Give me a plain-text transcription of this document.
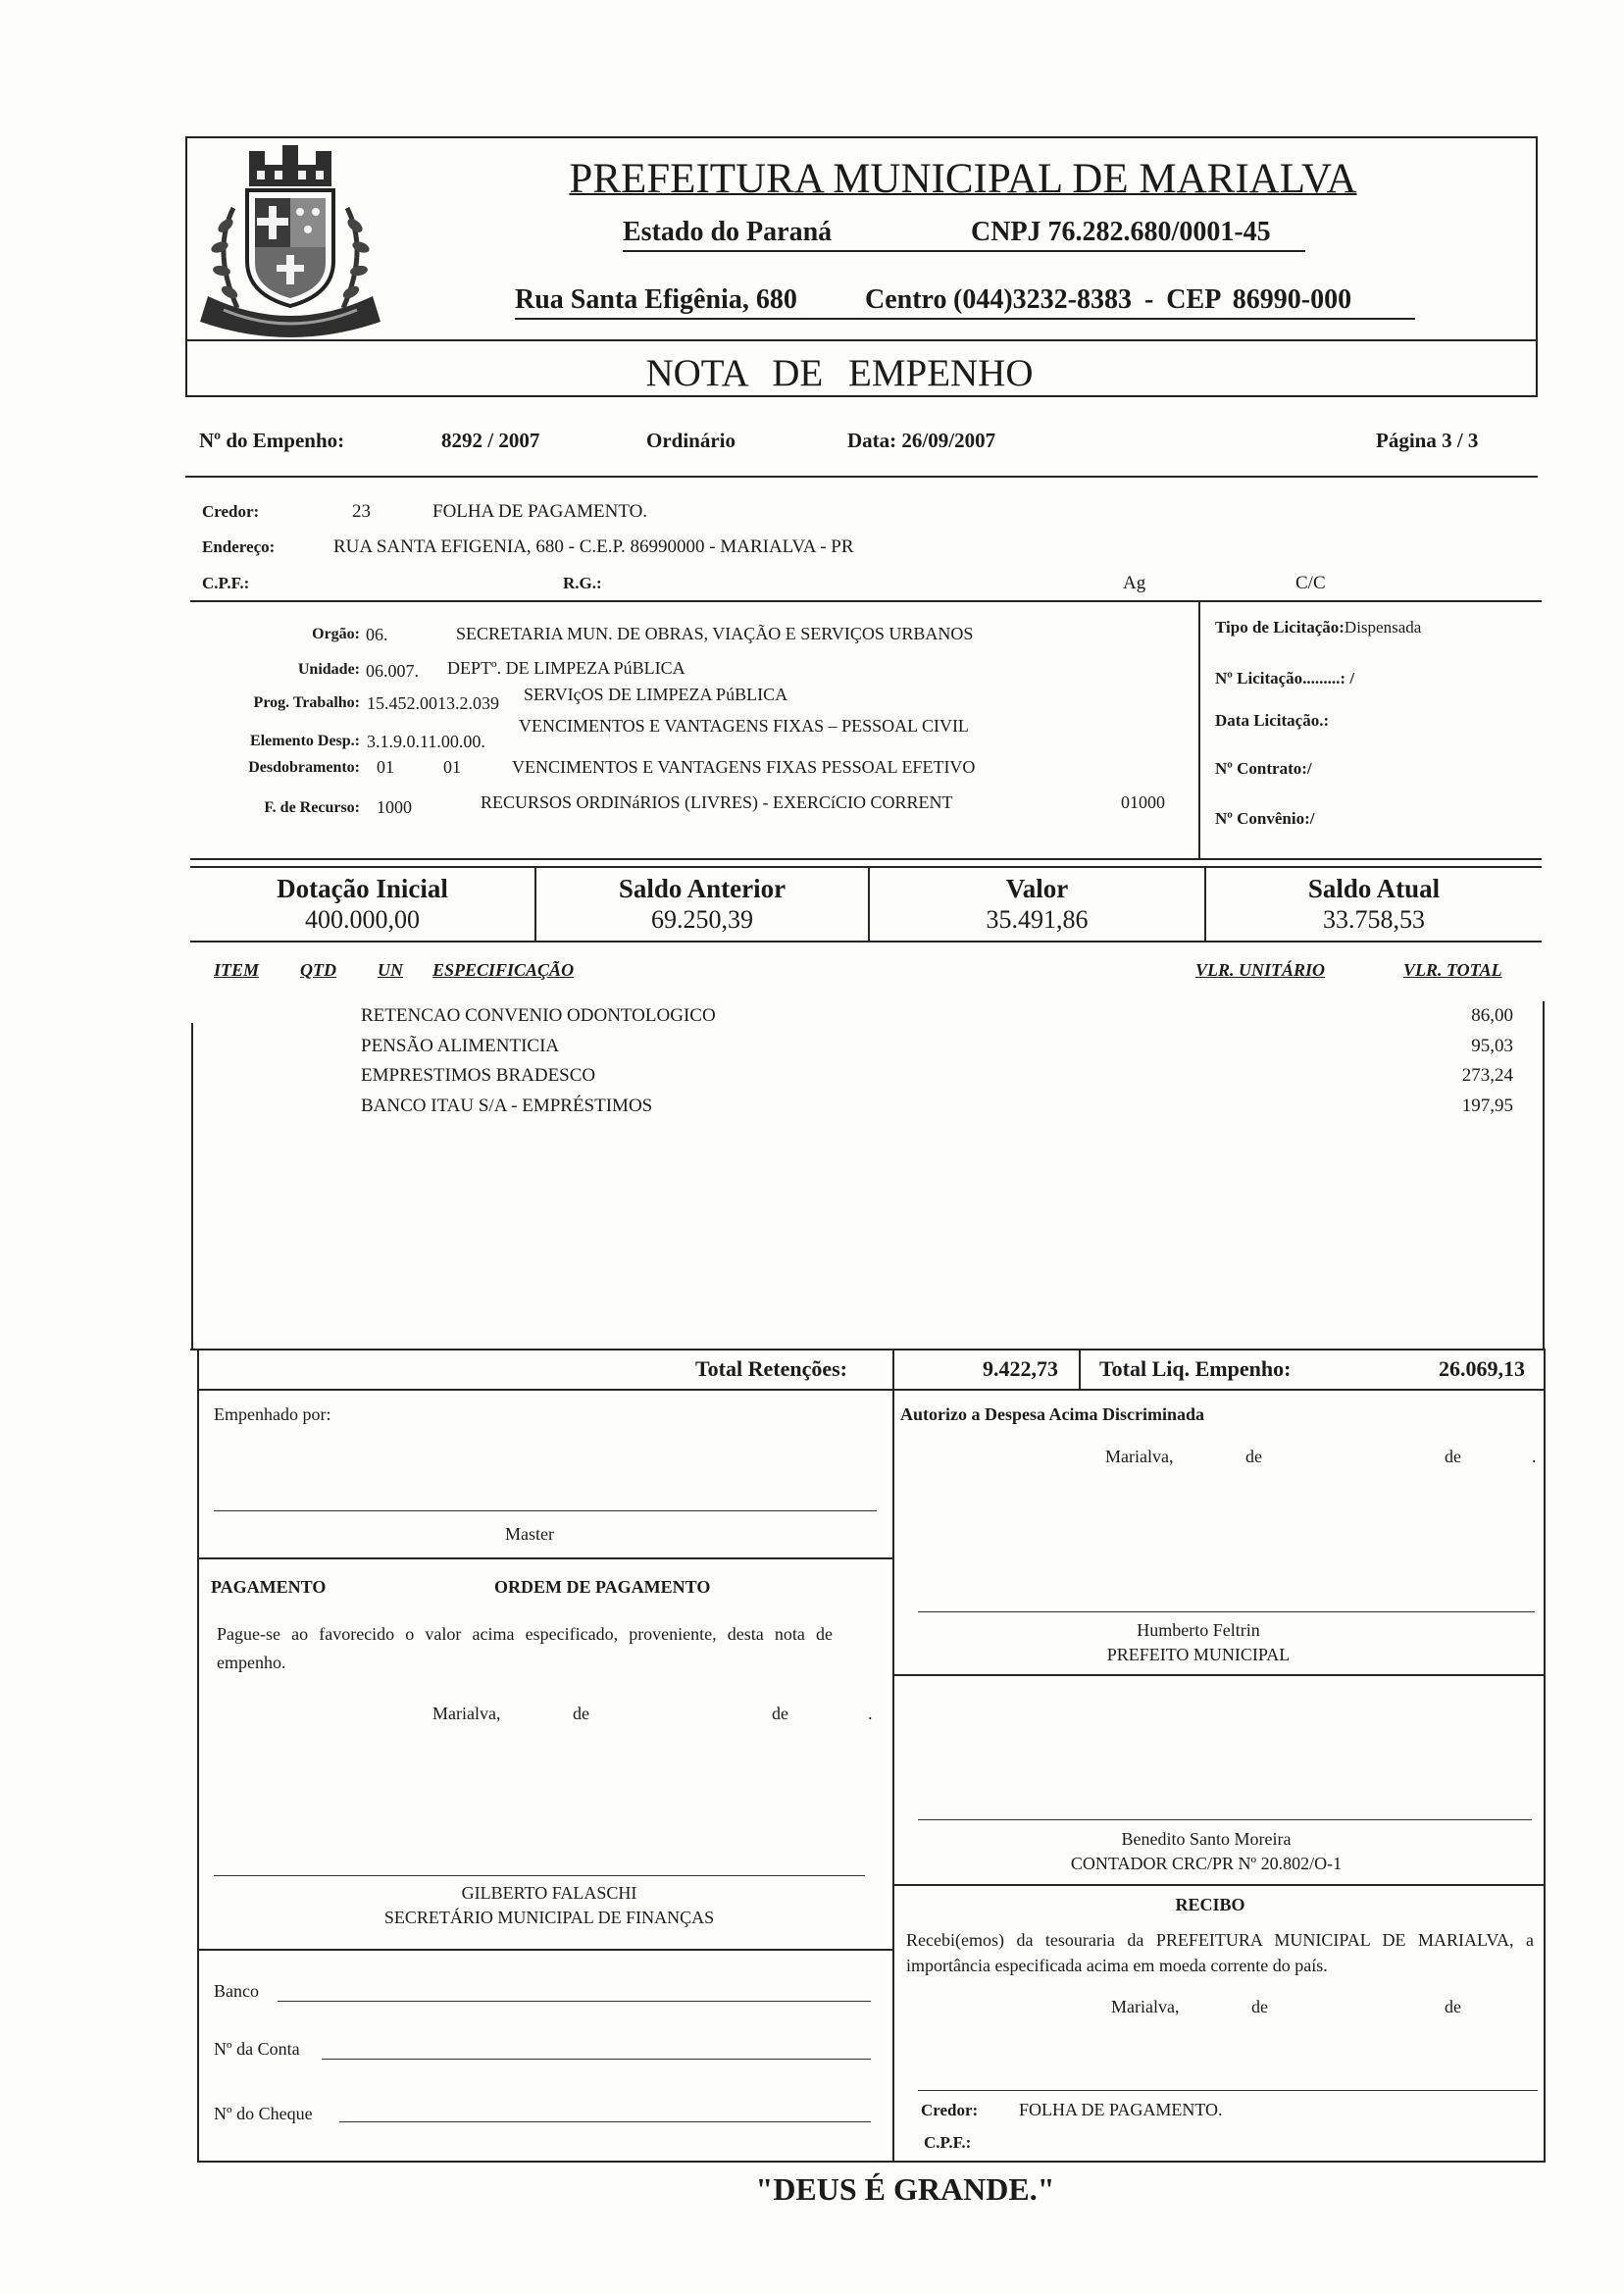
PREFEITURA MUNICIPAL DE MARIALVA
Estado do Paraná	CNPJ 76.282.680/0001-45
Rua Santa Efigênia, 680 Centro (044)3232-8383 - CEP 86990-000
NOTA DE EMPENHO
Nº do Empenho:	8292 / 2007	Ordinário	Data: 26/09/2007	Página 3 / 3
Credor:	23	FOLHA DE PAGAMENTO.
Endereço:	RUA SANTA EFIGENIA, 680 - C.E.P. 86990000 - MARIALVA - PR
C.P.F.:	R.G.:	Ag	C/C
Orgão: 06.	SECRETARIA MUN. DE OBRAS, VIAÇÃO E SERVIÇOS URBANOS
Unidade: 06.007. DEPTº. DE LIMPEZA PúBLICA
Prog. Trabalho: 15.452.0013.2.039 SERVIçOS DE LIMPEZA PúBLICA
Elemento Desp.: 3.1.9.0.11.00.00.
VENCIMENTOS E VANTAGENS FIXAS – PESSOAL CIVIL
Desdobramento: 01	01	VENCIMENTOS E VANTAGENS FIXAS PESSOAL EFETIVO
F. de Recurso: 1000	RECURSOS ORDINáRIOS (LIVRES) - EXERCíCIO CORRENT	01000
Tipo de Licitação:Dispensada
Nº Licitação.........: /
Data Licitação.:
Nº Contrato:/
Nº Convênio:/
Dotação Inicial
400.000,00
Saldo Anterior
69.250,39
Valor
35.491,86
Saldo Atual
33.758,53
ITEM QTD UN ESPECIFICAÇÃO	VLR. UNITÁRIO	VLR. TOTAL
RETENCAO CONVENIO ODONTOLOGICO	86,00
PENSÃO ALIMENTICIA	95,03
EMPRESTIMOS BRADESCO	273,24
BANCO ITAU S/A - EMPRÉSTIMOS	197,95
Total Retenções:	9.422,73 Total Liq. Empenho:	26.069,13
Empenhado por:
Master
PAGAMENTO	ORDEM DE PAGAMENTO
Pague-se ao favorecido o valor acima especificado, proveniente, desta nota de empenho.
Marialva,	de	de	.
GILBERTO FALASCHI
SECRETÁRIO MUNICIPAL DE FINANÇAS
Banco
Nº da Conta
Nº do Cheque
Autorizo a Despesa Acima Discriminada
Marialva,	de	de	.
Humberto Feltrin
PREFEITO MUNICIPAL
Benedito Santo Moreira
CONTADOR CRC/PR Nº 20.802/O-1
RECIBO
Recebi(emos) da tesouraria da PREFEITURA MUNICIPAL DE MARIALVA, a importância especificada acima em moeda corrente do país.
Marialva,	de	de
Credor: FOLHA DE PAGAMENTO.
C.P.F.:
"DEUS É GRANDE."
